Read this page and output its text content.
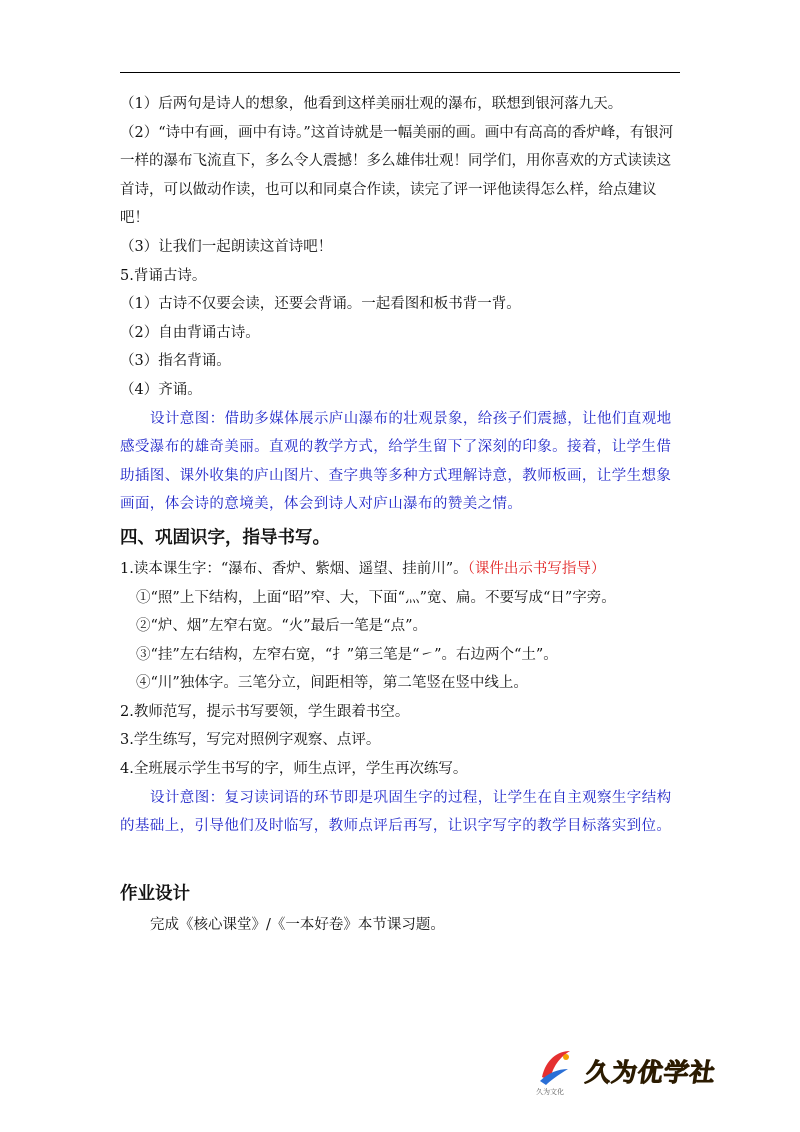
（1）后两句是诗人的想象，他看到这样美丽壮观的瀑布，联想到银河落九天。

（2）“诗中有画，画中有诗。”这首诗就是一幅美丽的画。画中有高高的香炉峰，有银河一样的瀑布飞流直下，多么令人震撼！多么雄伟壮观！同学们，用你喜欢的方式读读这首诗，可以做动作读，也可以和同桌合作读，读完了评一评他读得怎么样，给点建议吧！

（3）让我们一起朗读这首诗吧！

5.背诵古诗。

（1）古诗不仅要会读，还要会背诵。一起看图和板书背一背。

（2）自由背诵古诗。

（3）指名背诵。

（4）齐诵。

设计意图：借助多媒体展示庐山瀑布的壮观景象，给孩子们震撼，让他们直观地感受瀑布的雄奇美丽。直观的教学方式，给学生留下了深刻的印象。接着，让学生借助插图、课外收集的庐山图片、查字典等多种方式理解诗意，教师板画，让学生想象画面，体会诗的意境美，体会到诗人对庐山瀑布的赞美之情。

四、巩固识字，指导书写。

1.读本课生字：“瀑布、香炉、紫烟、遥望、挂前川”。（课件出示书写指导）

①“照”上下结构，上面“昭”窄、大，下面“灬”宽、扁。不要写成“日”字旁。

②“炉、烟”左窄右宽。“火”最后一笔是“点”。

③“挂”左右结构，左窄右宽，“扌”第三笔是“㇀”。右边两个“土”。

④“川”独体字。三笔分立，间距相等，第二笔竖在竖中线上。

2.教师范写，提示书写要领，学生跟着书空。

3.学生练写，写完对照例字观察、点评。

4.全班展示学生书写的字，师生点评，学生再次练写。

设计意图：复习读词语的环节即是巩固生字的过程，让学生在自主观察生字结构的基础上，引导他们及时临写，教师点评后再写，让识字写字的教学目标落实到位。

作业设计

完成《核心课堂》/《一本好卷》本节课习题。

久为文化
久为优学社
